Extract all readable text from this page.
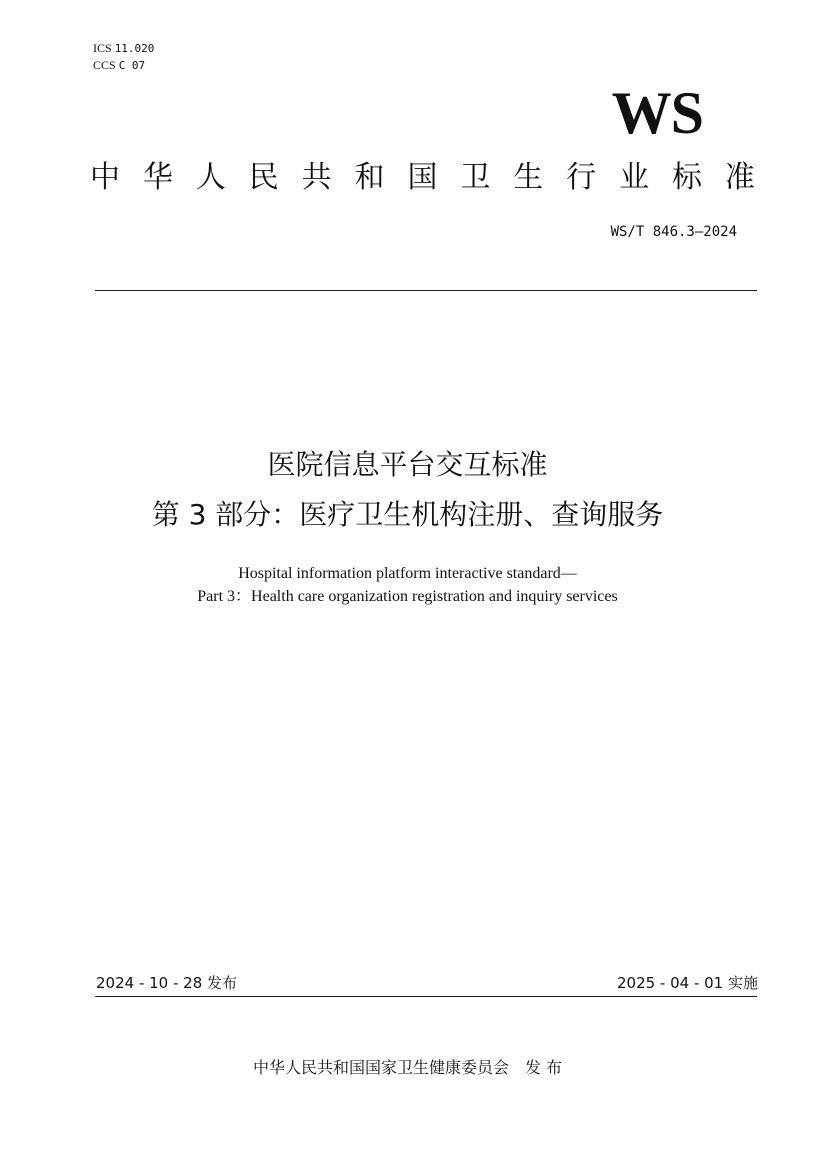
ICS 11.020
CCS C 07
WS
中 华 人 民 共 和 国 卫 生 行 业 标 准
WS/T 846.3—2024
医院信息平台交互标准
第 3 部分：医疗卫生机构注册、查询服务
Hospital information platform interactive standard—
Part 3：Health care organization registration and inquiry services
2024 - 10 - 28 发布	2025 - 04 - 01 实施
中华人民共和国国家卫生健康委员会　发 布
